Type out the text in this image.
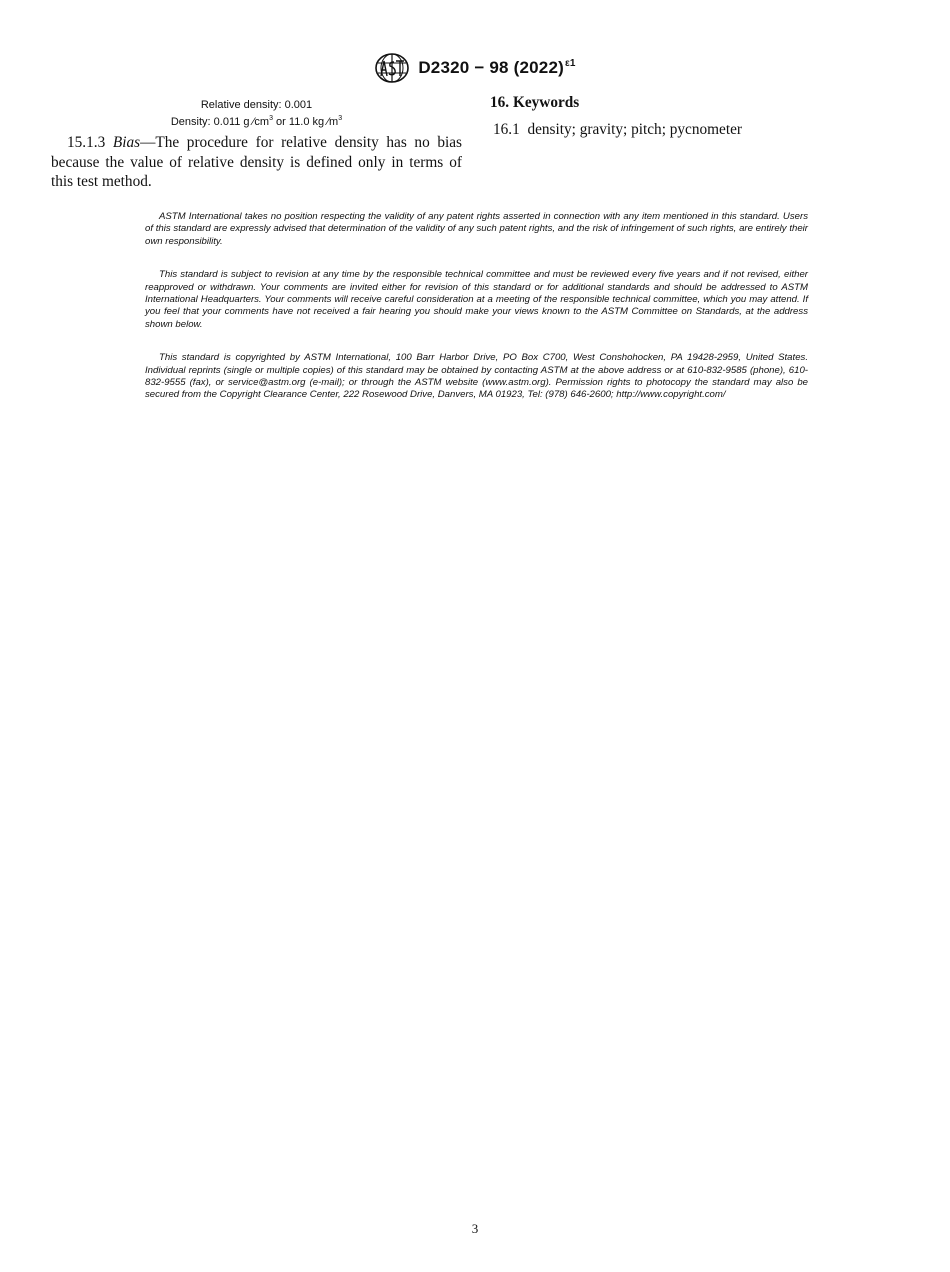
D2320 − 98 $(2022)^{\varepsilon 1}$
Relative density: 0.001
Density: 0.011 g $⁄cm^3$ or 11.0 kg $⁄m^3$
15.1.3 Bias—The procedure for relative density has no bias because the value of relative density is defined only in terms of this test method.
16. Keywords
16.1 density; gravity; pitch; pycnometer

ASTM International takes no position respecting the validity of any patent rights asserted in connection with any item mentioned in this standard. Users of this standard are expressly advised that determination of the validity of any such patent rights, and the risk of infringement of such rights, are entirely their own responsibility.

This standard is subject to revision at any time by the responsible technical committee and must be reviewed every five years and if not revised, either reapproved or withdrawn. Your comments are invited either for revision of this standard or for additional standards and should be addressed to ASTM International Headquarters. Your comments will receive careful consideration at a meeting of the responsible technical committee, which you may attend. If you feel that your comments have not received a fair hearing you should make your views known to the ASTM Committee on Standards, at the address shown below.

This standard is copyrighted by ASTM International, 100 Barr Harbor Drive, PO Box C700, West Conshohocken, PA 19428-2959, United States. Individual reprints (single or multiple copies) of this standard may be obtained by contacting ASTM at the above address or at 610-832-9585 (phone), 610-832-9555 (fax), or service@astm.org (e-mail); or through the ASTM website (www.astm.org). Permission rights to photocopy the standard may also be secured from the Copyright Clearance Center, 222 Rosewood Drive, Danvers, MA 01923, Tel: (978) 646-2600; http://www.copyright.com/

3
